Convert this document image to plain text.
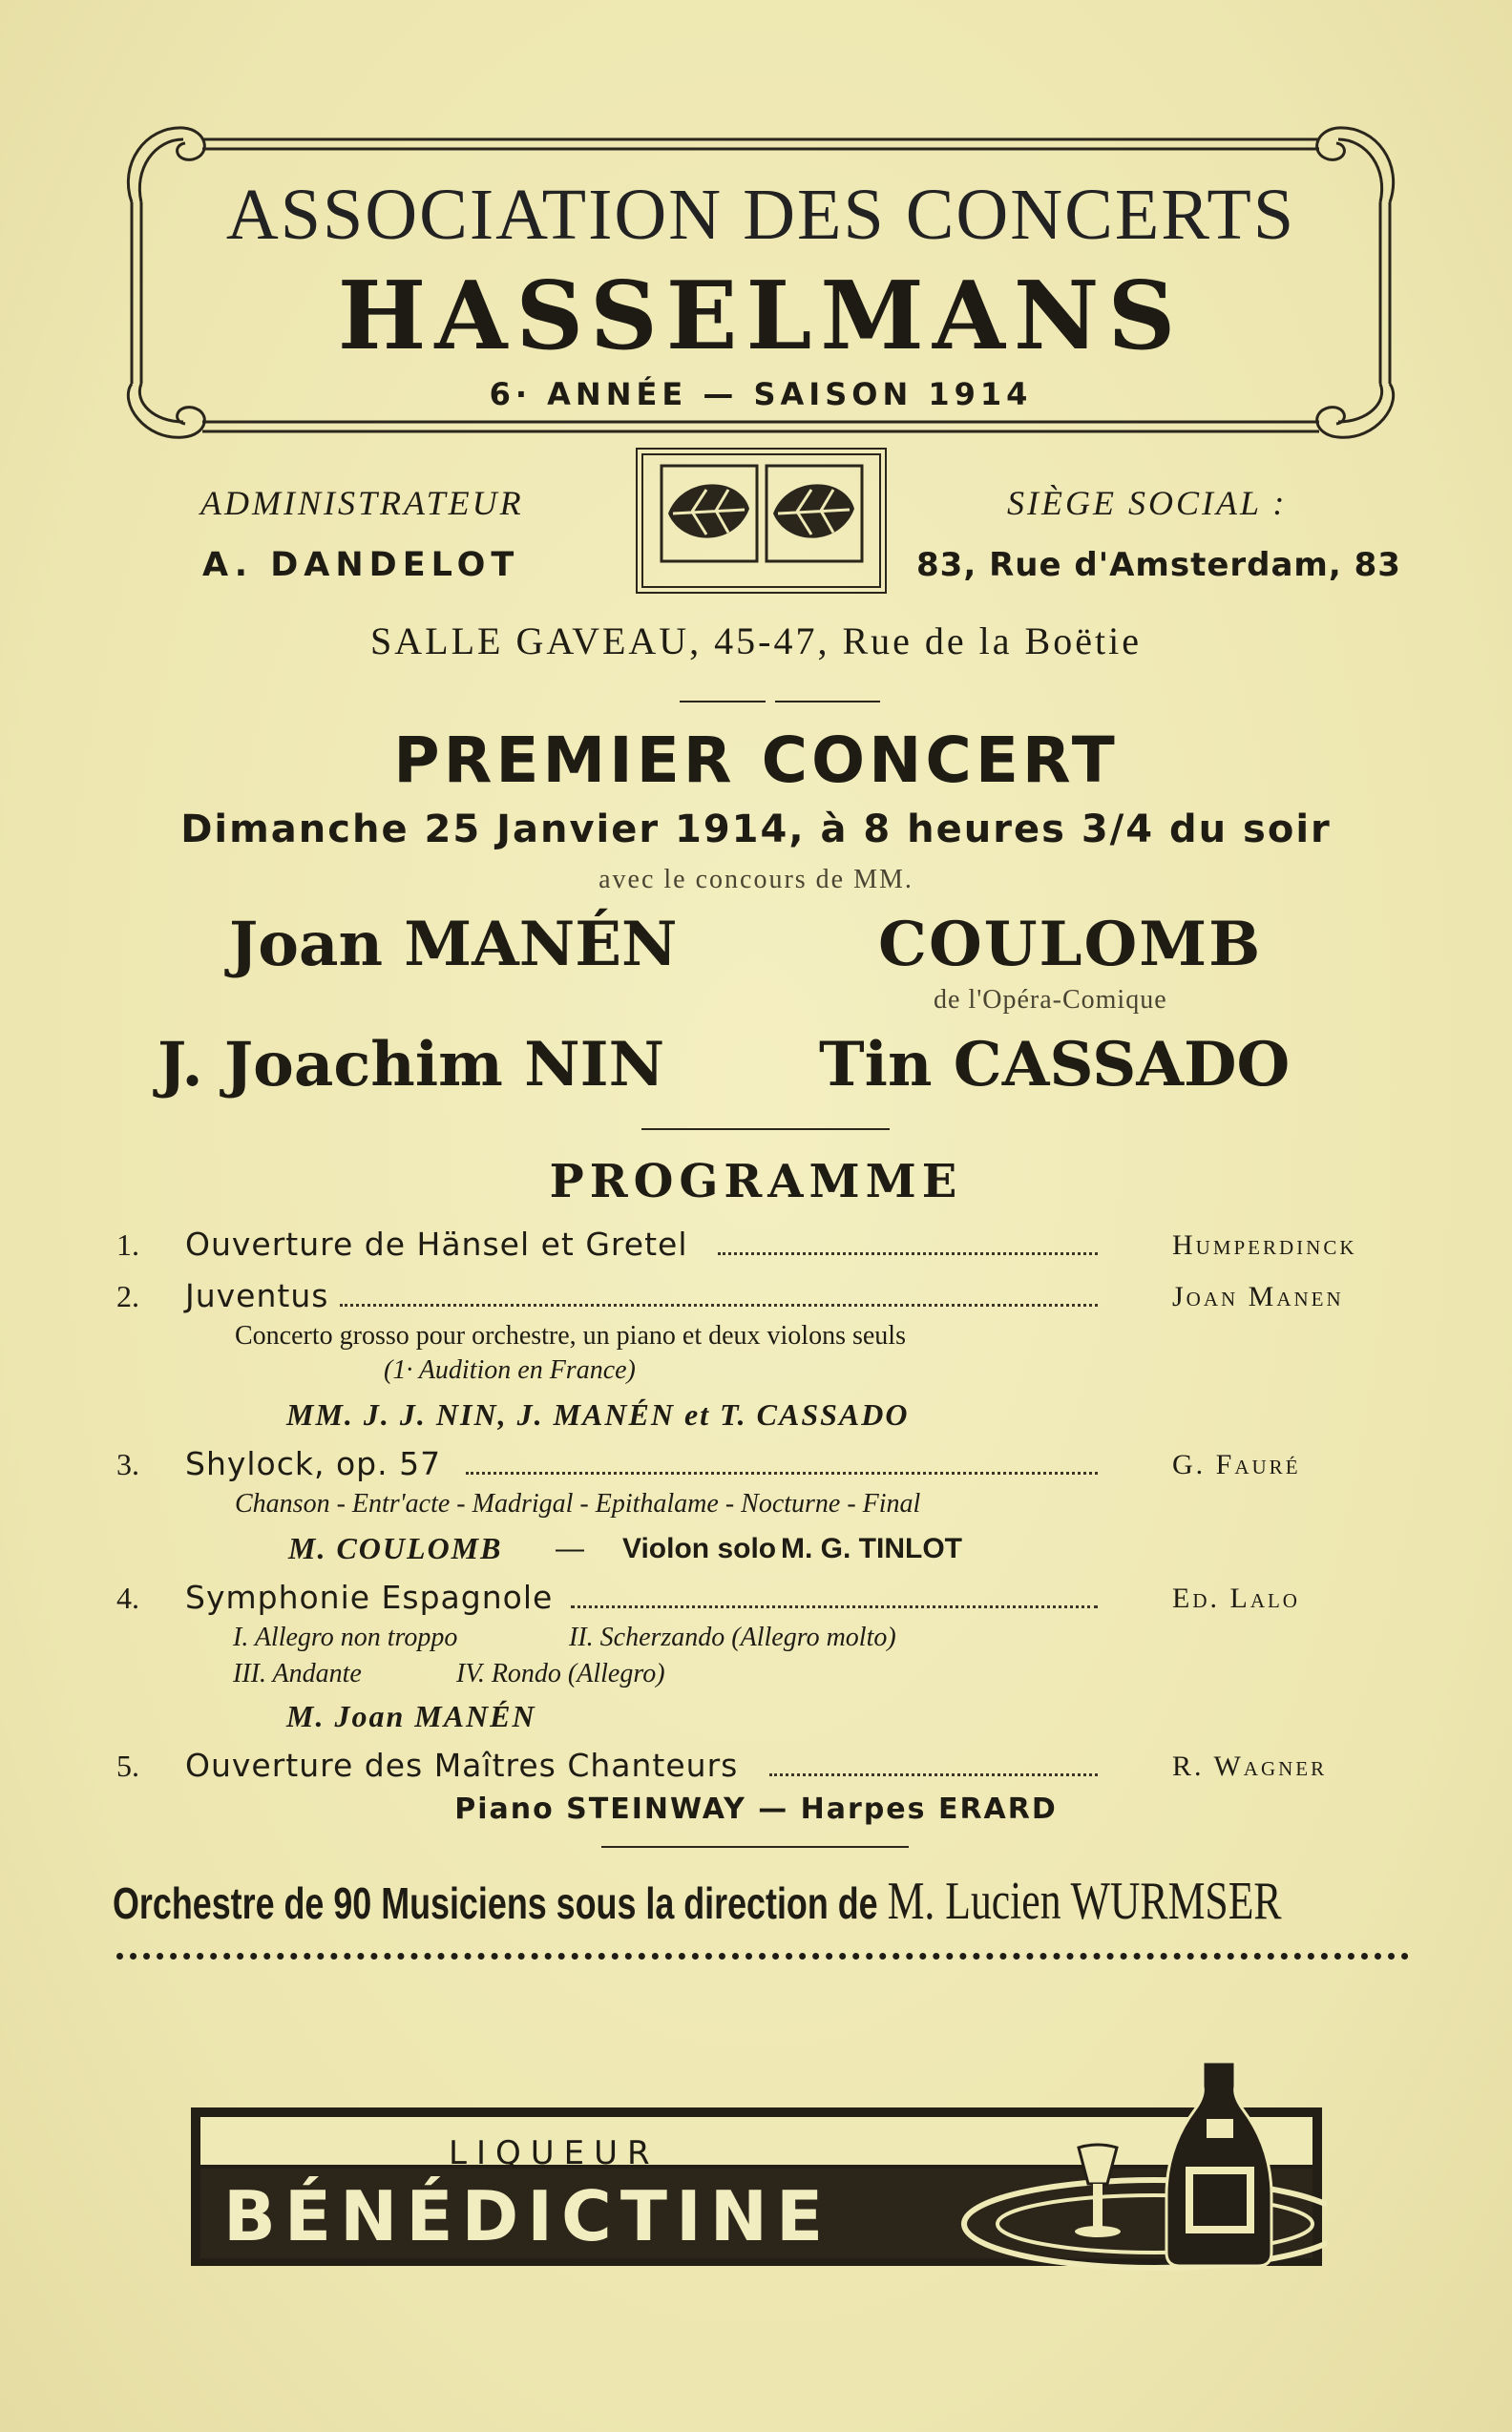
ASSOCIATION DES CONCERTS
HASSELMANS
6· ANNÉE — SAISON 1914
ADMINISTRATEUR
A. DANDELOT
SIÈGE SOCIAL :
83, Rue d'Amsterdam, 83
SALLE GAVEAU, 45-47, Rue de la Boëtie
PREMIER CONCERT
Dimanche 25 Janvier 1914, à 8 heures 3/4 du soir
avec le concours de MM.
Joan MANÉN	COULOMB
de l'Opéra-Comique
J. Joachim NIN	Tin CASSADO
PROGRAMME
1. Ouverture de Hänsel et Gretel	Humperdinck
2. Juventus	Joan Manen
Concerto grosso pour orchestre, un piano et deux violons seuls
(1· Audition en France)
MM. J. J. NIN, J. MANÉN et T. CASSADO
3. Shylock, op. 57	G. Fauré
Chanson - Entr'acte - Madrigal - Epithalame - Nocturne - Final
M. COULOMB — Violon solo M. G. TINLOT
4. Symphonie Espagnole	Ed. Lalo
I. Allegro non troppo	II. Scherzando (Allegro molto)
III. Andante	IV. Rondo (Allegro)
M. Joan MANÉN
5. Ouverture des Maîtres Chanteurs	R. Wagner
Piano STEINWAY — Harpes ERARD
Orchestre de 90 Musiciens sous la direction de M. Lucien WURMSER
LIQUEUR
BÉNÉDICTINE
